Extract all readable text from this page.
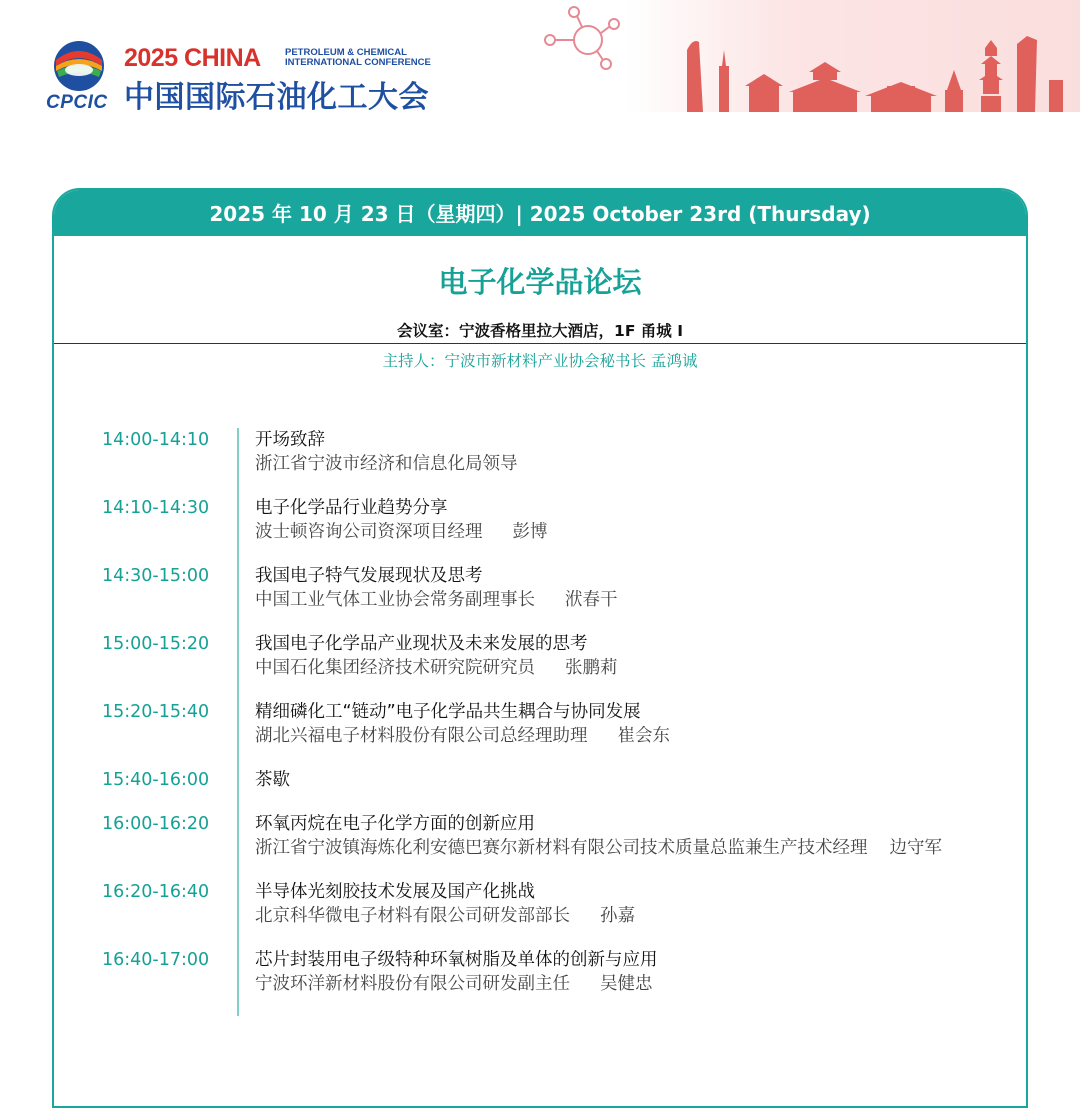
CPCIC
2025 CHINA	PETROLEUM & CHEMICAL
INTERNATIONAL CONFERENCE
中国国际石油化工大会
2025 年 10 月 23 日（星期四）| 2025 October 23rd (Thursday)
电子化学品论坛
会议室：宁波香格里拉大酒店，1F 甬城 I
主持人：宁波市新材料产业协会秘书长 孟鸿诚
14:00-14:10	开场致辞
浙江省宁波市经济和信息化局领导
14:10-14:30	电子化学品行业趋势分享
波士顿咨询公司资深项目经理 彭博
14:30-15:00	我国电子特气发展现状及思考
中国工业气体工业协会常务副理事长 洑春干
15:00-15:20	我国电子化学品产业现状及未来发展的思考
中国石化集团经济技术研究院研究员 张鹏莉
15:20-15:40	精细磷化工“链动”电子化学品共生耦合与协同发展
湖北兴福电子材料股份有限公司总经理助理 崔会东
15:40-16:00	茶歇
16:00-16:20	环氧丙烷在电子化学方面的创新应用
浙江省宁波镇海炼化利安德巴赛尔新材料有限公司技术质量总监兼生产技术经理 边守军
16:20-16:40	半导体光刻胶技术发展及国产化挑战
北京科华微电子材料有限公司研发部部长 孙嘉
16:40-17:00	芯片封装用电子级特种环氧树脂及单体的创新与应用
宁波环洋新材料股份有限公司研发副主任 吴健忠
